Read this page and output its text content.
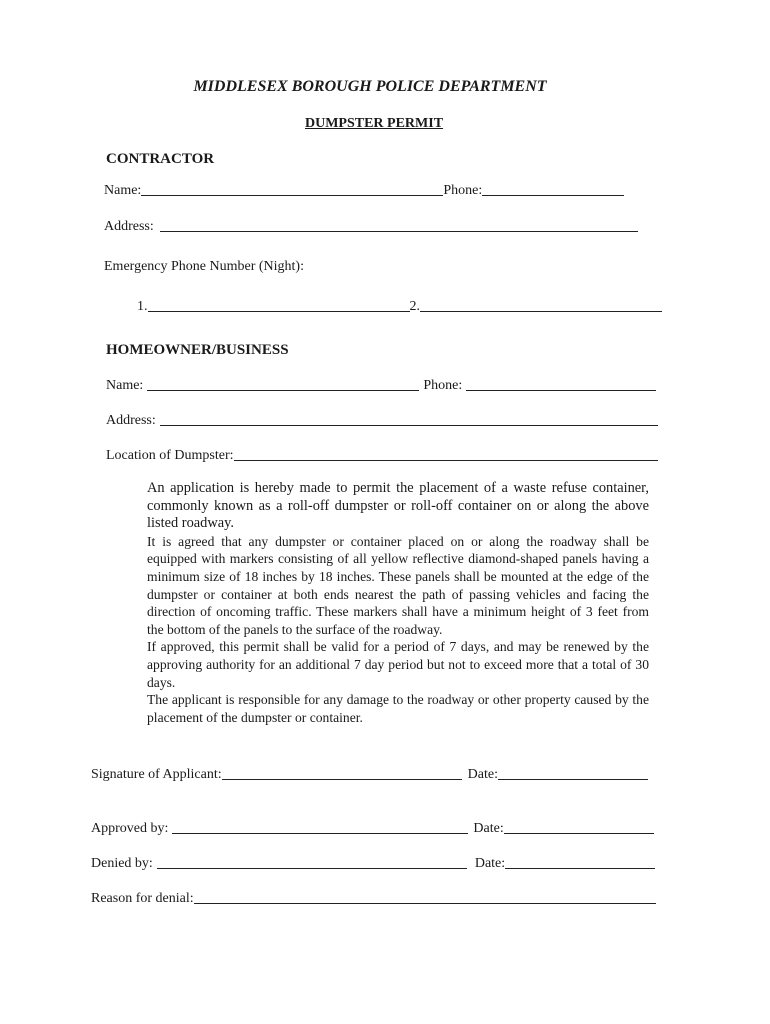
MIDDLESEX BOROUGH POLICE DEPARTMENT
DUMPSTER PERMIT
CONTRACTOR
Name:	Phone:
Address:
Emergency Phone Number (Night):
1.	2.
HOMEOWNER/BUSINESS
Name:	Phone:
Address:
Location of Dumpster:

An application is hereby made to permit the placement of a waste refuse container, commonly known as a roll-off dumpster or roll-off container on or along the above listed roadway.

It is agreed that any dumpster or container placed on or along the roadway shall be equipped with markers consisting of all yellow reflective diamond-shaped panels having a minimum size of 18 inches by 18 inches. These panels shall be mounted at the edge of the dumpster or container at both ends nearest the path of passing vehicles and facing the direction of oncoming traffic. These markers shall have a minimum height of 3 feet from the bottom of the panels to the surface of the roadway.

If approved, this permit shall be valid for a period of 7 days, and may be renewed by the approving authority for an additional 7 day period but not to exceed more that a total of 30 days.

The applicant is responsible for any damage to the roadway or other property caused by the placement of the dumpster or container.

Signature of Applicant:	Date:
Approved by:	Date:
Denied by:	Date:
Reason for denial:
